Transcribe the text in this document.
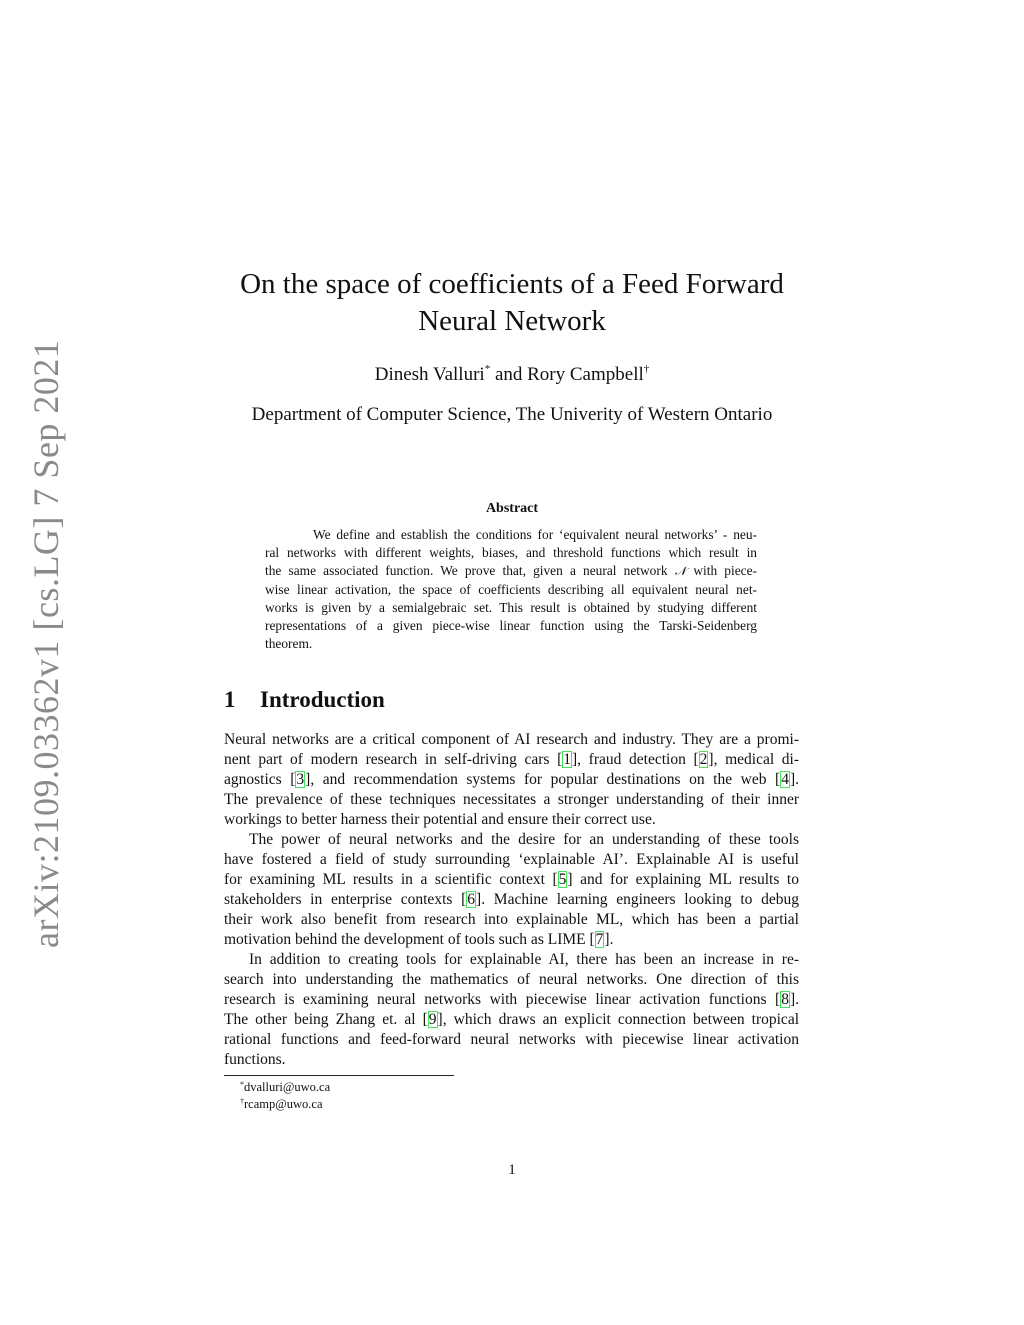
arXiv:2109.03362v1 [cs.LG] 7 Sep 2021
On the space of coefficients of a Feed Forward
Neural Network
Dinesh Valluri* and Rory Campbell†
Department of Computer Science, The Univerity of Western Ontario
Abstract
We define and establish the conditions for ‘equivalent neural networks’ - neu-
ral networks with different weights, biases, and threshold functions which result in
the same associated function. We prove that, given a neural network 𝒩 with piece-
wise linear activation, the space of coefficients describing all equivalent neural net-
works is given by a semialgebraic set. This result is obtained by studying different
representations of a given piece-wise linear function using the Tarski-Seidenberg
theorem.
1 Introduction
Neural networks are a critical component of AI research and industry. They are a promi-
nent part of modern research in self-driving cars [1], fraud detection [2], medical di-
agnostics [3], and recommendation systems for popular destinations on the web [4].
The prevalence of these techniques necessitates a stronger understanding of their inner
workings to better harness their potential and ensure their correct use.
The power of neural networks and the desire for an understanding of these tools
have fostered a field of study surrounding ‘explainable AI’. Explainable AI is useful
for examining ML results in a scientific context [5] and for explaining ML results to
stakeholders in enterprise contexts [6]. Machine learning engineers looking to debug
their work also benefit from research into explainable ML, which has been a partial
motivation behind the development of tools such as LIME [7].
In addition to creating tools for explainable AI, there has been an increase in re-
search into understanding the mathematics of neural networks. One direction of this
research is examining neural networks with piecewise linear activation functions [8].
The other being Zhang et. al [9], which draws an explicit connection between tropical
rational functions and feed-forward neural networks with piecewise linear activation
functions.
*dvalluri@uwo.ca
†rcamp@uwo.ca
1
